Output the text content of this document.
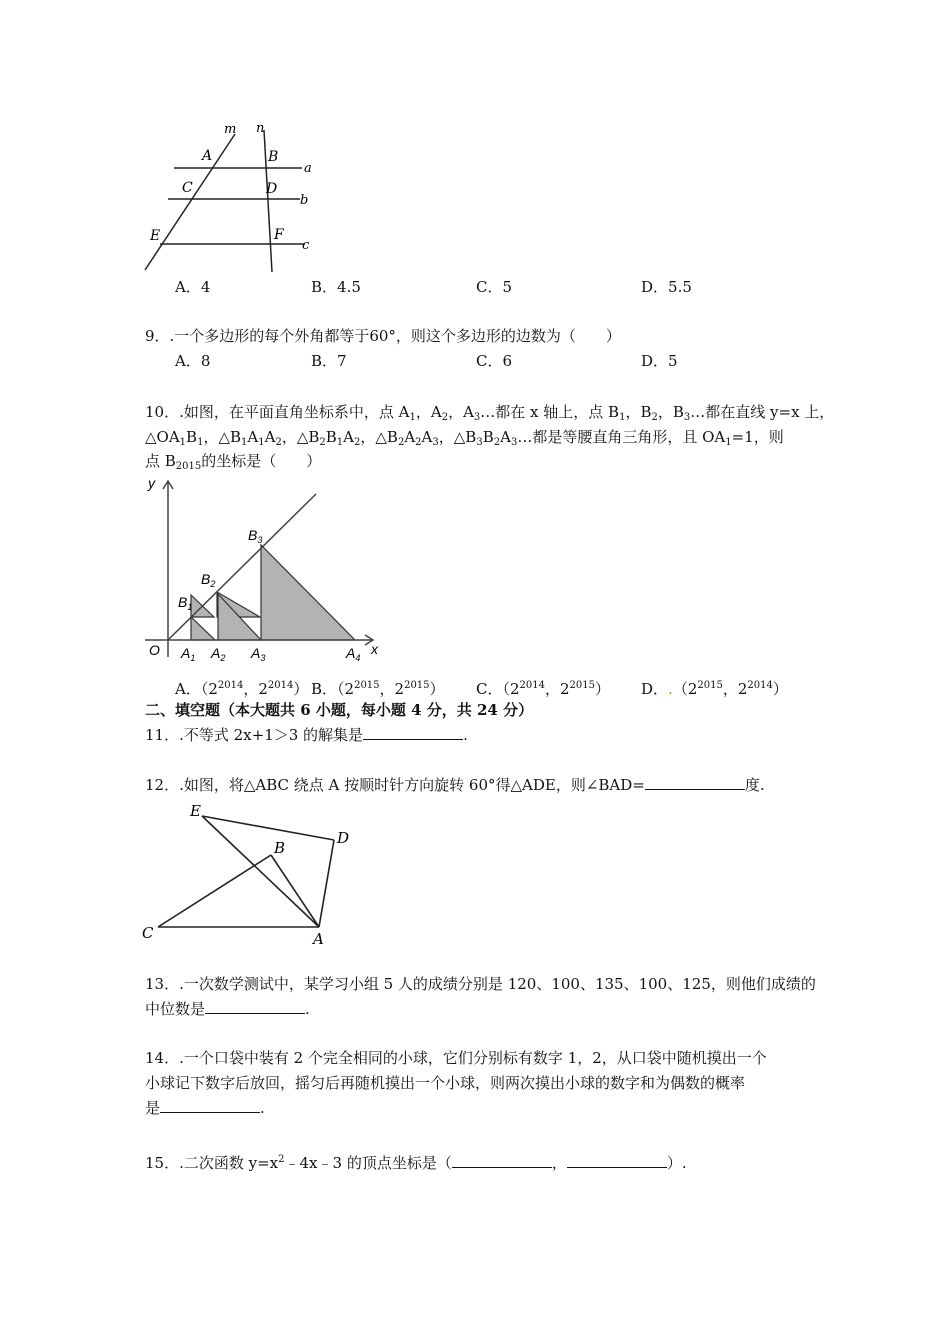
m n
a
b
c
A	B
C	D
E	F
A．4	B．4.5	C．5	D．5.5
9．.一个多边形的每个外角都等于60°，则这个多边形的边数为（　　）
A．8	B．7	C．6	D．5
10．.如图，在平面直角坐标系中，点 $A_1$，$A_2$，$A_3\dots$都在 x 轴上，点 $B_1$，$B_2$，$B_3\dots$都在直线 y=x 上，
$\triangle OA_1B_1$，$\triangle B_1A_1A_2$，$\triangle B_2B_1A_2$，$\triangle B_2A_2A_3$，$\triangle B_3B_2A_3\dots$都是等腰直角三角形，且 $OA_1=1$，则
点 $B_{2015}$的坐标是（　　）
y
x
O $A_1$ $A_2$ $A_3$	$A_4$
$B_1$
$B_2$
$B_3$
A．（$2^{2014}$，$2^{2014}$） B．（$2^{2015}$，$2^{2015}$） C．（$2^{2014}$，$2^{2015}$） D．$.(2^{2015}$，$2^{2014}$）
二、填空题（本大题共 6 小题，每小题 4 分，共 24 分）
11．.不等式 2x+1＞3 的解集是	.
12．.如图，将△ABC 绕点 A 按顺时针方向旋转 60°得△ADE，则∠BAD=	度.
E
B
D
C	A
13．.一次数学测试中，某学习小组 5 人的成绩分别是 120、100、135、100、125，则他们成绩的
中位数是	.
14．.一个口袋中装有 2 个完全相同的小球，它们分别标有数字 1，2，从口袋中随机摸出一个
小球记下数字后放回，摇匀后再随机摸出一个小球，则两次摸出小球的数字和为偶数的概率
是	.
15．.二次函数 $y=x^2﹣4x﹣3$ 的顶点坐标是（	，	）.
